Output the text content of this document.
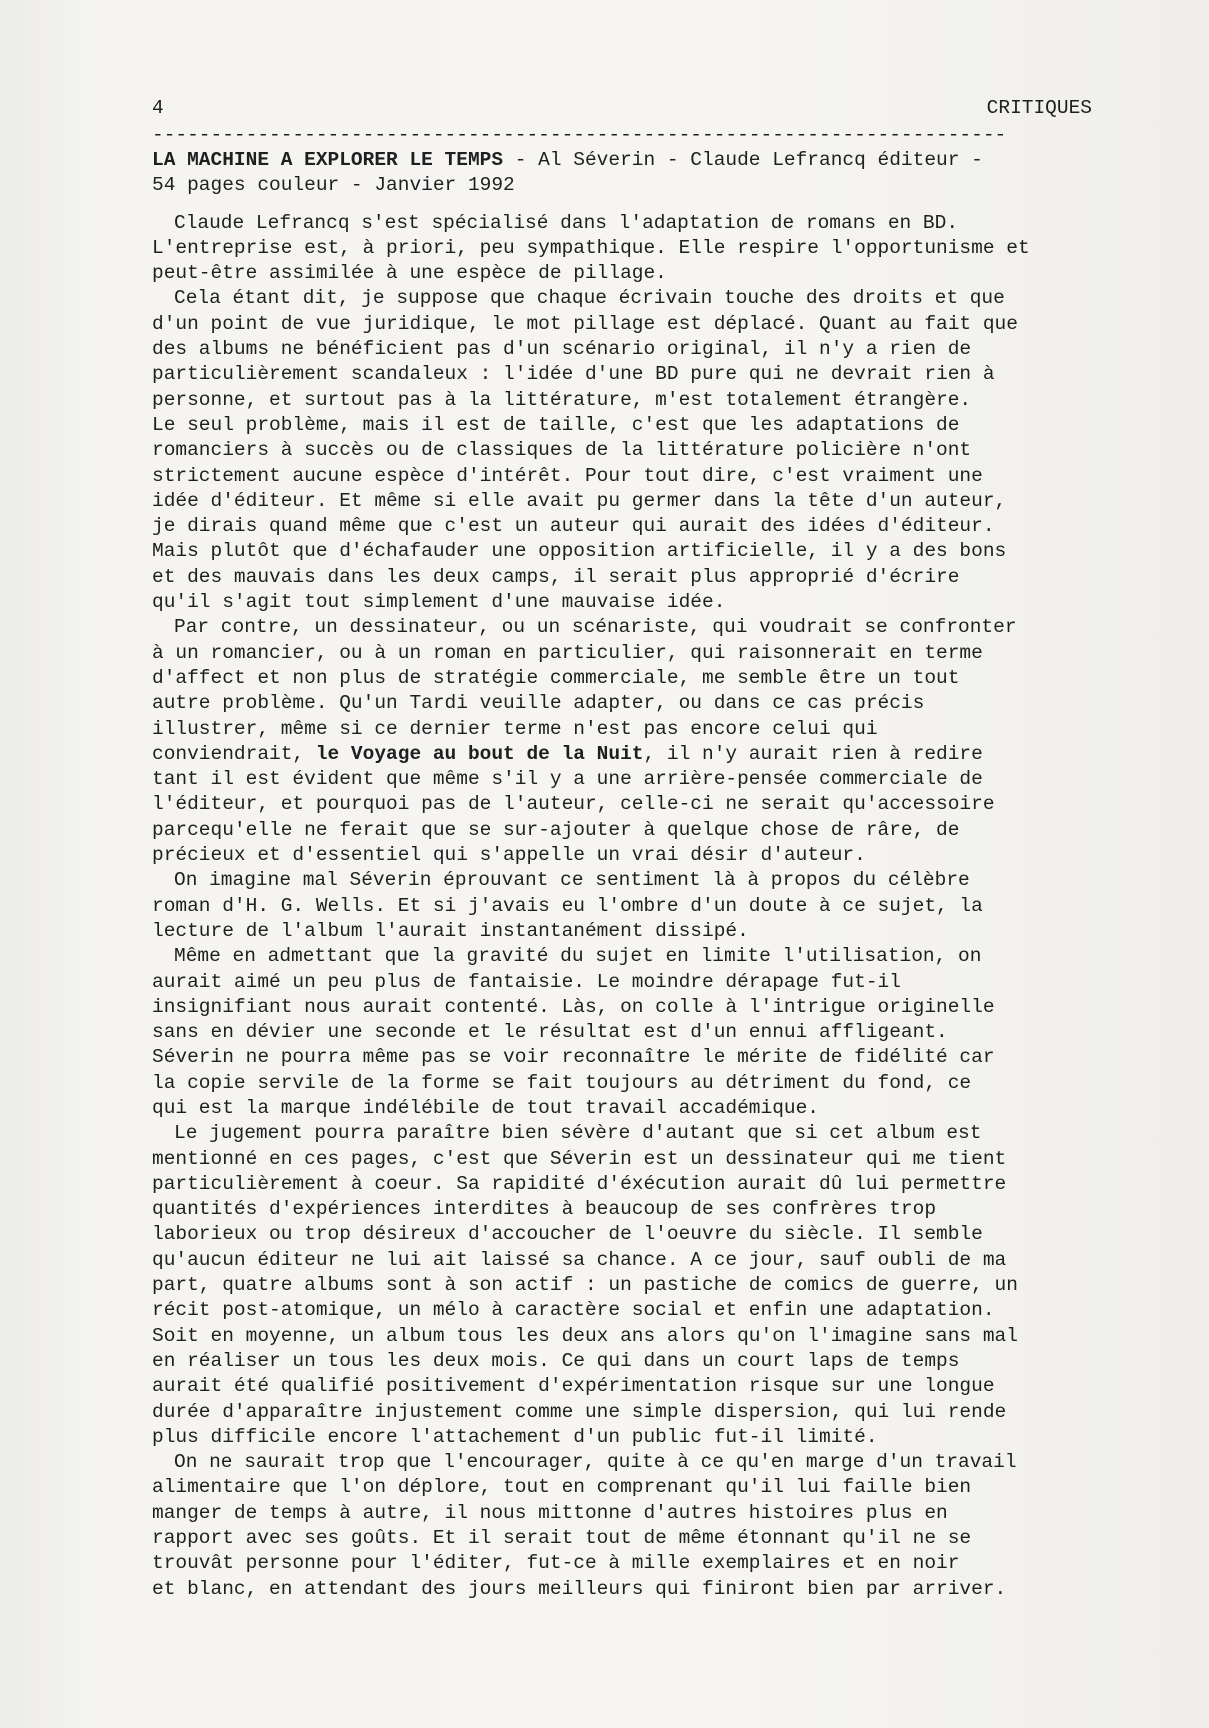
4	CRITIQUES
-------------------------------------------------------------------------
LA MACHINE A EXPLORER LE TEMPS - Al Séverin - Claude Lefrancq éditeur -
54 pages couleur - Janvier 1992
Claude Lefrancq s'est spécialisé dans l'adaptation de romans en BD.
L'entreprise est, à priori, peu sympathique. Elle respire l'opportunisme et
peut-être assimilée à une espèce de pillage.
Cela étant dit, je suppose que chaque écrivain touche des droits et que
d'un point de vue juridique, le mot pillage est déplacé. Quant au fait que
des albums ne bénéficient pas d'un scénario original, il n'y a rien de
particulièrement scandaleux : l'idée d'une BD pure qui ne devrait rien à
personne, et surtout pas à la littérature, m'est totalement étrangère.
Le seul problème, mais il est de taille, c'est que les adaptations de
romanciers à succès ou de classiques de la littérature policière n'ont
strictement aucune espèce d'intérêt. Pour tout dire, c'est vraiment une
idée d'éditeur. Et même si elle avait pu germer dans la tête d'un auteur,
je dirais quand même que c'est un auteur qui aurait des idées d'éditeur.
Mais plutôt que d'échafauder une opposition artificielle, il y a des bons
et des mauvais dans les deux camps, il serait plus approprié d'écrire
qu'il s'agit tout simplement d'une mauvaise idée.
Par contre, un dessinateur, ou un scénariste, qui voudrait se confronter
à un romancier, ou à un roman en particulier, qui raisonnerait en terme
d'affect et non plus de stratégie commerciale, me semble être un tout
autre problème. Qu'un Tardi veuille adapter, ou dans ce cas précis
illustrer, même si ce dernier terme n'est pas encore celui qui
conviendrait, le Voyage au bout de la Nuit, il n'y aurait rien à redire
tant il est évident que même s'il y a une arrière-pensée commerciale de
l'éditeur, et pourquoi pas de l'auteur, celle-ci ne serait qu'accessoire
parcequ'elle ne ferait que se sur-ajouter à quelque chose de râre, de
précieux et d'essentiel qui s'appelle un vrai désir d'auteur.
On imagine mal Séverin éprouvant ce sentiment là à propos du célèbre
roman d'H. G. Wells. Et si j'avais eu l'ombre d'un doute à ce sujet, la
lecture de l'album l'aurait instantanément dissipé.
Même en admettant que la gravité du sujet en limite l'utilisation, on
aurait aimé un peu plus de fantaisie. Le moindre dérapage fut-il
insignifiant nous aurait contenté. Làs, on colle à l'intrigue originelle
sans en dévier une seconde et le résultat est d'un ennui affligeant.
Séverin ne pourra même pas se voir reconnaître le mérite de fidélité car
la copie servile de la forme se fait toujours au détriment du fond, ce
qui est la marque indélébile de tout travail accadémique.
Le jugement pourra paraître bien sévère d'autant que si cet album est
mentionné en ces pages, c'est que Séverin est un dessinateur qui me tient
particulièrement à coeur. Sa rapidité d'éxécution aurait dû lui permettre
quantités d'expériences interdites à beaucoup de ses confrères trop
laborieux ou trop désireux d'accoucher de l'oeuvre du siècle. Il semble
qu'aucun éditeur ne lui ait laissé sa chance. A ce jour, sauf oubli de ma
part, quatre albums sont à son actif : un pastiche de comics de guerre, un
récit post-atomique, un mélo à caractère social et enfin une adaptation.
Soit en moyenne, un album tous les deux ans alors qu'on l'imagine sans mal
en réaliser un tous les deux mois. Ce qui dans un court laps de temps
aurait été qualifié positivement d'expérimentation risque sur une longue
durée d'apparaître injustement comme une simple dispersion, qui lui rende
plus difficile encore l'attachement d'un public fut-il limité.
On ne saurait trop que l'encourager, quite à ce qu'en marge d'un travail
alimentaire que l'on déplore, tout en comprenant qu'il lui faille bien
manger de temps à autre, il nous mittonne d'autres histoires plus en
rapport avec ses goûts. Et il serait tout de même étonnant qu'il ne se
trouvât personne pour l'éditer, fut-ce à mille exemplaires et en noir
et blanc, en attendant des jours meilleurs qui finiront bien par arriver.
